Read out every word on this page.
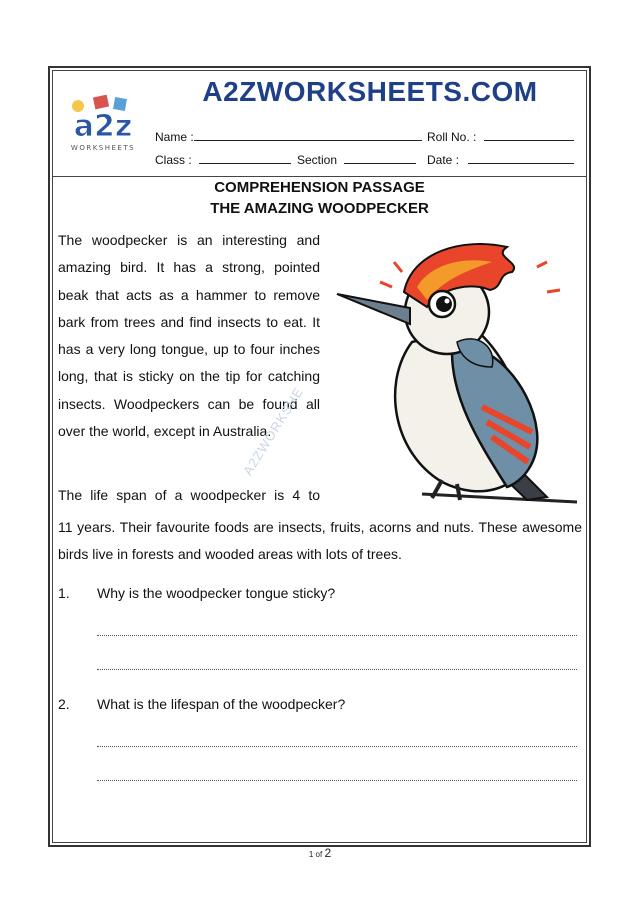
a2z
WORKSHEETS
A2ZWORKSHEETS.COM
Name :	Roll No. :
Class :	Section	Date :
COMPREHENSION PASSAGE
THE AMAZING WOODPECKER
The woodpecker is an interesting and amazing bird. It has a strong, pointed beak that acts as a hammer to remove bark from trees and find insects to eat. It has a very long tongue, up to four inches long, that is sticky on the tip for catching insects. Woodpeckers can be found all over the world, except in Australia.
The life span of a woodpecker is 4 to
11 years. Their favourite foods are insects, fruits, acorns and nuts. These awesome birds live in forests and wooded areas with lots of trees.
A2ZWORKSHE
1. Why is the woodpecker tongue sticky?
2. What is the lifespan of the woodpecker?
1 of 2
